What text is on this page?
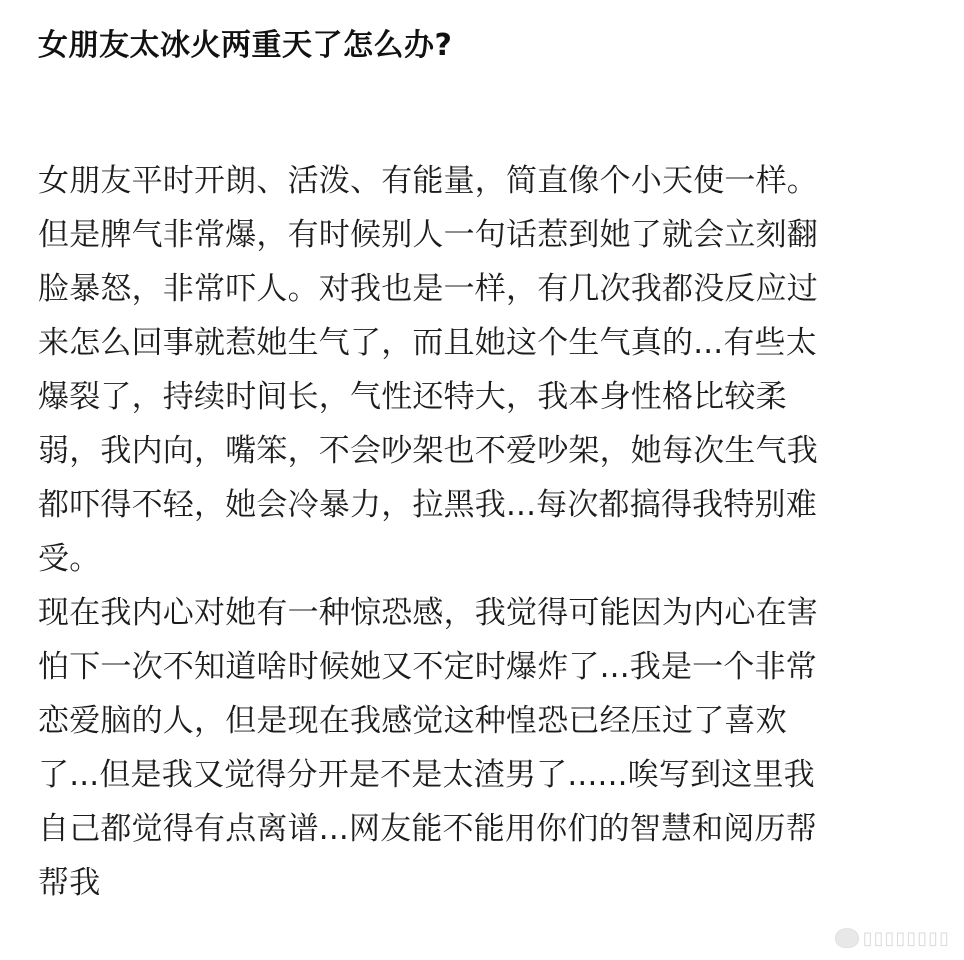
女朋友太冰火两重天了怎么办?
女朋友平时开朗、活泼、有能量，简直像个小天使一样。
但是脾气非常爆，有时候别人一句话惹到她了就会立刻翻
脸暴怒，非常吓人。对我也是一样，有几次我都没反应过
来怎么回事就惹她生气了，而且她这个生气真的...有些太
爆裂了，持续时间长，气性还特大，我本身性格比较柔
弱，我内向，嘴笨，不会吵架也不爱吵架，她每次生气我
都吓得不轻，她会冷暴力，拉黑我...每次都搞得我特别难
受。
现在我内心对她有一种惊恐感，我觉得可能因为内心在害
怕下一次不知道啥时候她又不定时爆炸了...我是一个非常
恋爱脑的人，但是现在我感觉这种惶恐已经压过了喜欢
了...但是我又觉得分开是不是太渣男了......唉写到这里我
自己都觉得有点离谱...网友能不能用你们的智慧和阅历帮
帮我
▯▯▯▯▯▯▯▯
